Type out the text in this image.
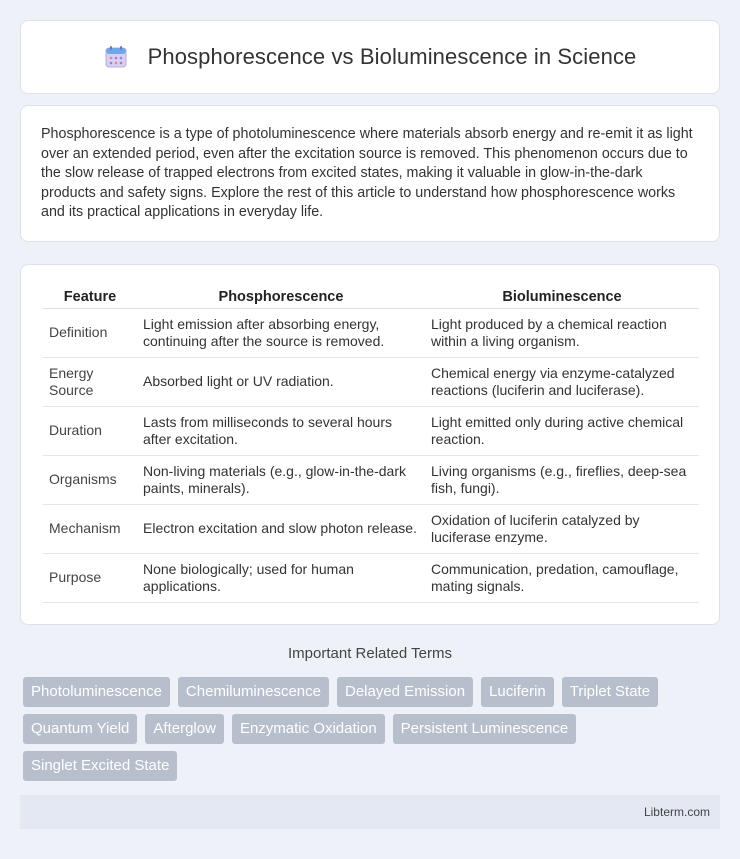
Phosphorescence vs Bioluminescence in Science

Phosphorescence is a type of photoluminescence where materials absorb energy and re-emit it as light over an extended period, even after the excitation source is removed. This phenomenon occurs due to the slow release of trapped electrons from excited states, making it valuable in glow-in-the-dark products and safety signs. Explore the rest of this article to understand how phosphorescence works and its practical applications in everyday life.

Feature	Phosphorescence	Bioluminescence
Definition	Light emission after absorbing energy, continuing after the source is removed.	Light produced by a chemical reaction within a living organism.
Energy Source	Absorbed light or UV radiation.	Chemical energy via enzyme-catalyzed reactions (luciferin and luciferase).
Duration	Lasts from milliseconds to several hours after excitation.	Light emitted only during active chemical reaction.
Organisms	Non-living materials (e.g., glow-in-the-dark paints, minerals).	Living organisms (e.g., fireflies, deep-sea fish, fungi).
Mechanism	Electron excitation and slow photon release.	Oxidation of luciferin catalyzed by luciferase enzyme.
Purpose	None biologically; used for human applications.	Communication, predation, camouflage, mating signals.
Important Related Terms
Photoluminescence	Chemiluminescence	Delayed Emission	Luciferin	Triplet State
Quantum Yield	Afterglow	Enzymatic Oxidation	Persistent Luminescence
Singlet Excited State
Libterm.com
